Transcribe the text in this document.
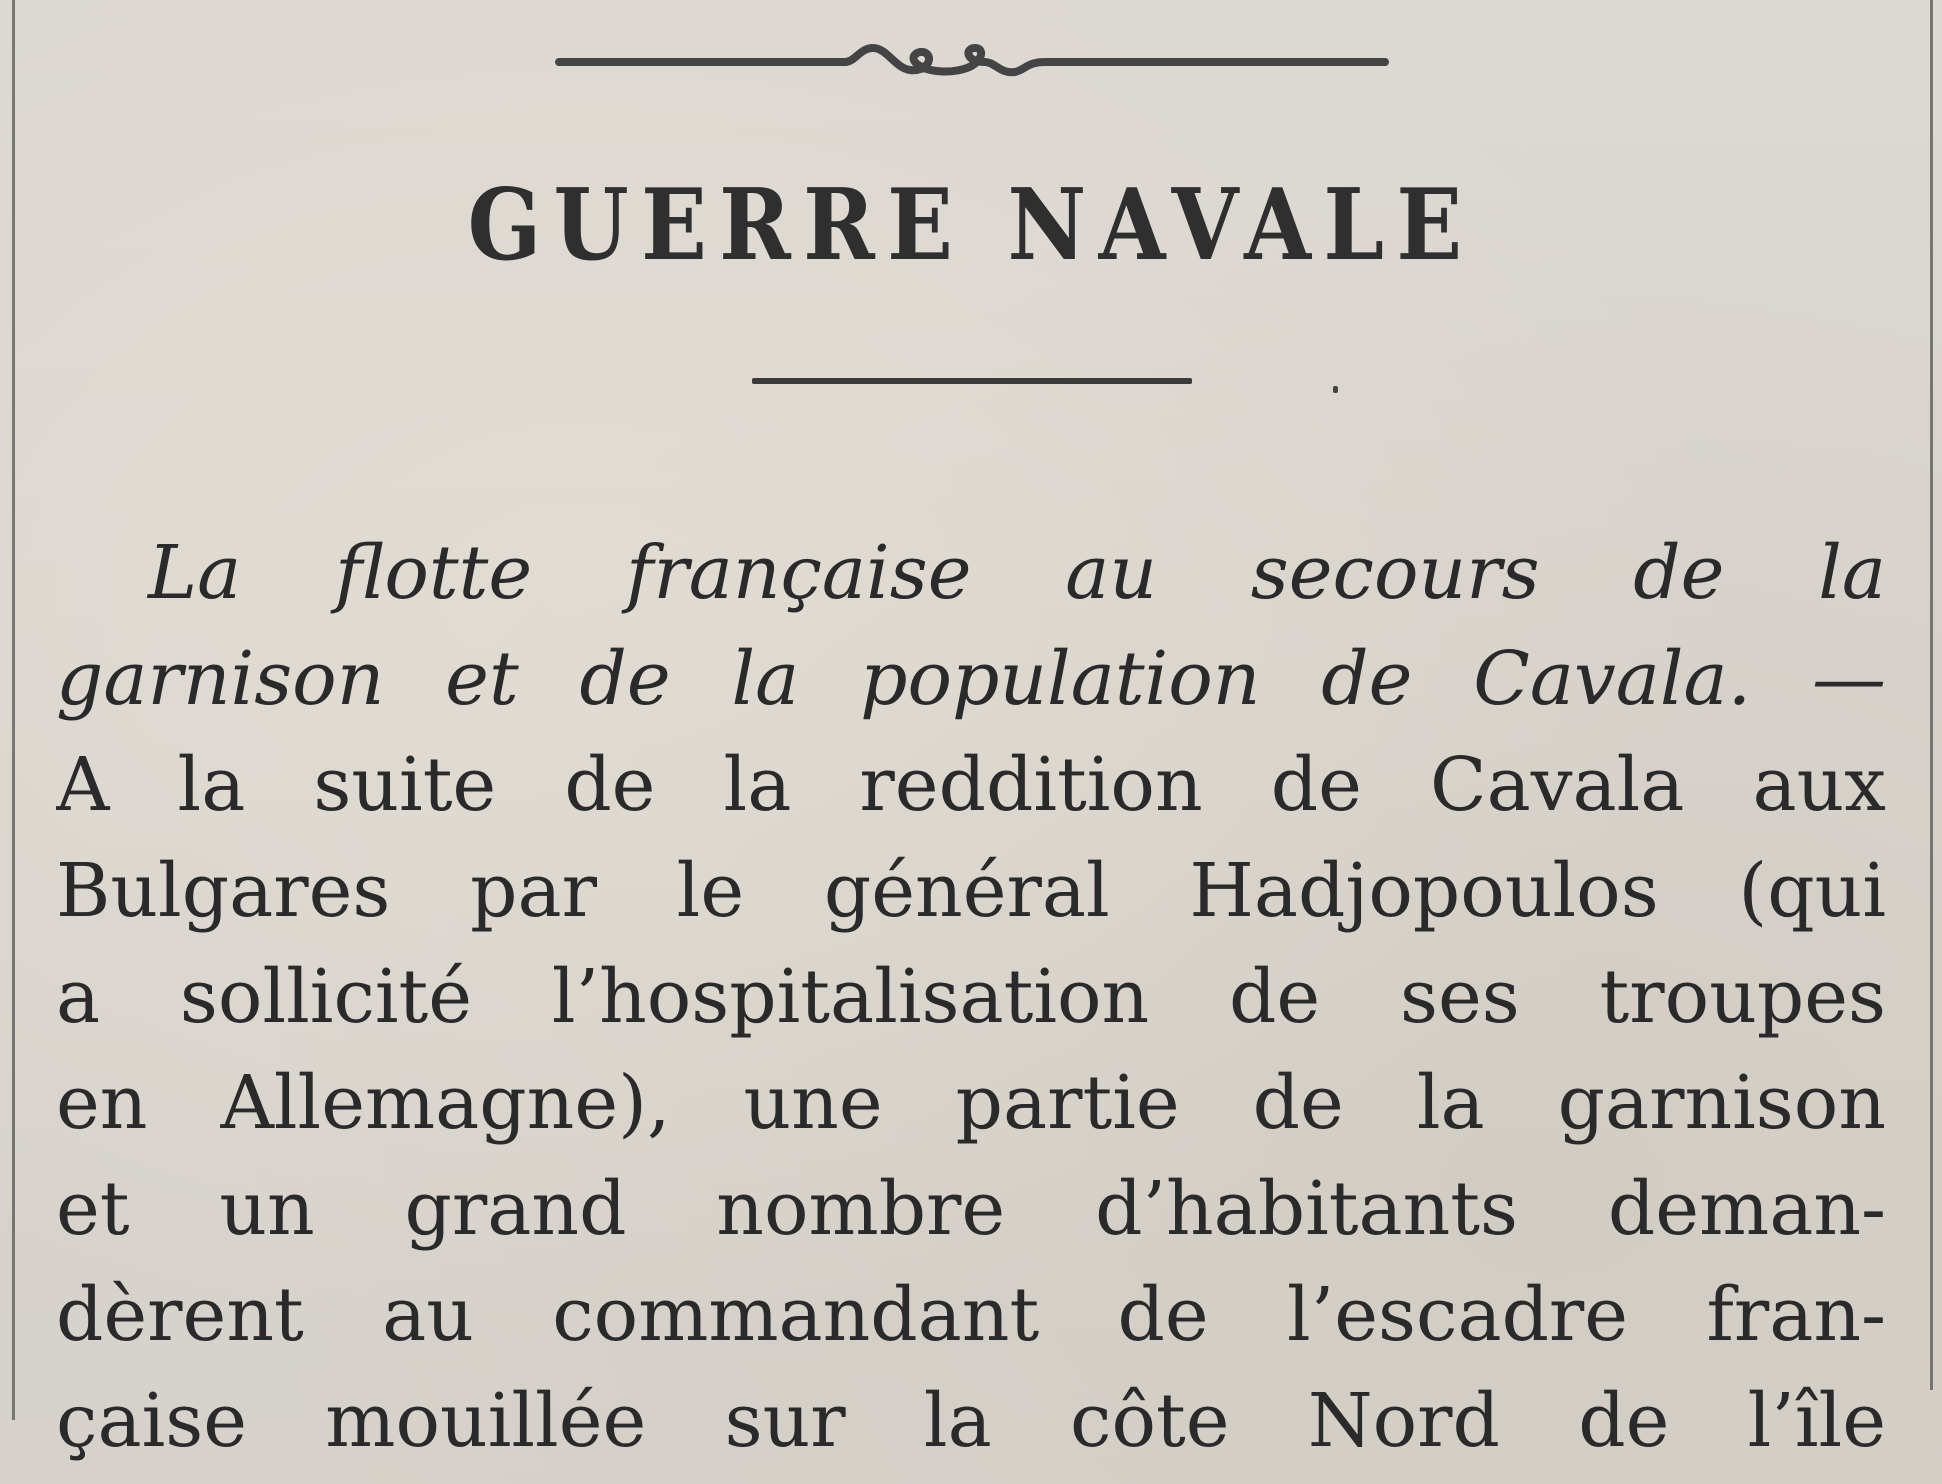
GUERRE NAVALE
La flotte française au secours de la
garnison et de la population de Cavala. —
A la suite de la reddition de Cavala aux
Bulgares par le général Hadjopoulos (qui
a sollicité l’hospitalisation de ses troupes
en Allemagne), une partie de la garnison
et un grand nombre d’habitants deman-
dèrent au commandant de l’escadre fran-
çaise mouillée sur la côte Nord de l’île
